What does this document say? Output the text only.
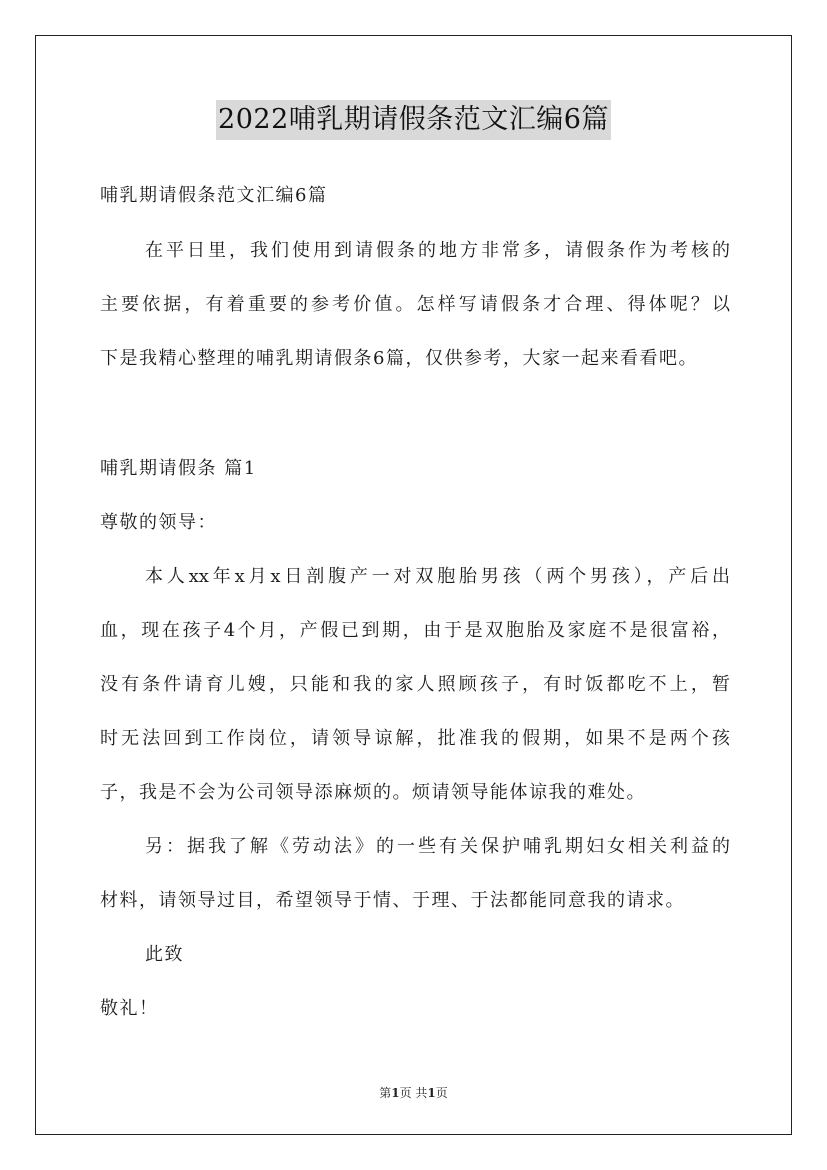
2022哺乳期请假条范文汇编6篇
哺乳期请假条范文汇编6篇
在平日里，我们使用到请假条的地方非常多，请假条作为考核的
主要依据，有着重要的参考价值。怎样写请假条才合理、得体呢？以
下是我精心整理的哺乳期请假条6篇，仅供参考，大家一起来看看吧。
哺乳期请假条 篇1
尊敬的领导：
本人xx年x月x日剖腹产一对双胞胎男孩（两个男孩），产后出
血，现在孩子4个月，产假已到期，由于是双胞胎及家庭不是很富裕，
没有条件请育儿嫂，只能和我的家人照顾孩子，有时饭都吃不上，暂
时无法回到工作岗位，请领导谅解，批准我的假期，如果不是两个孩
子，我是不会为公司领导添麻烦的。烦请领导能体谅我的难处。
另：据我了解《劳动法》的一些有关保护哺乳期妇女相关利益的
材料，请领导过目，希望领导于情、于理、于法都能同意我的请求。
此致
敬礼！
第1页 共1页
